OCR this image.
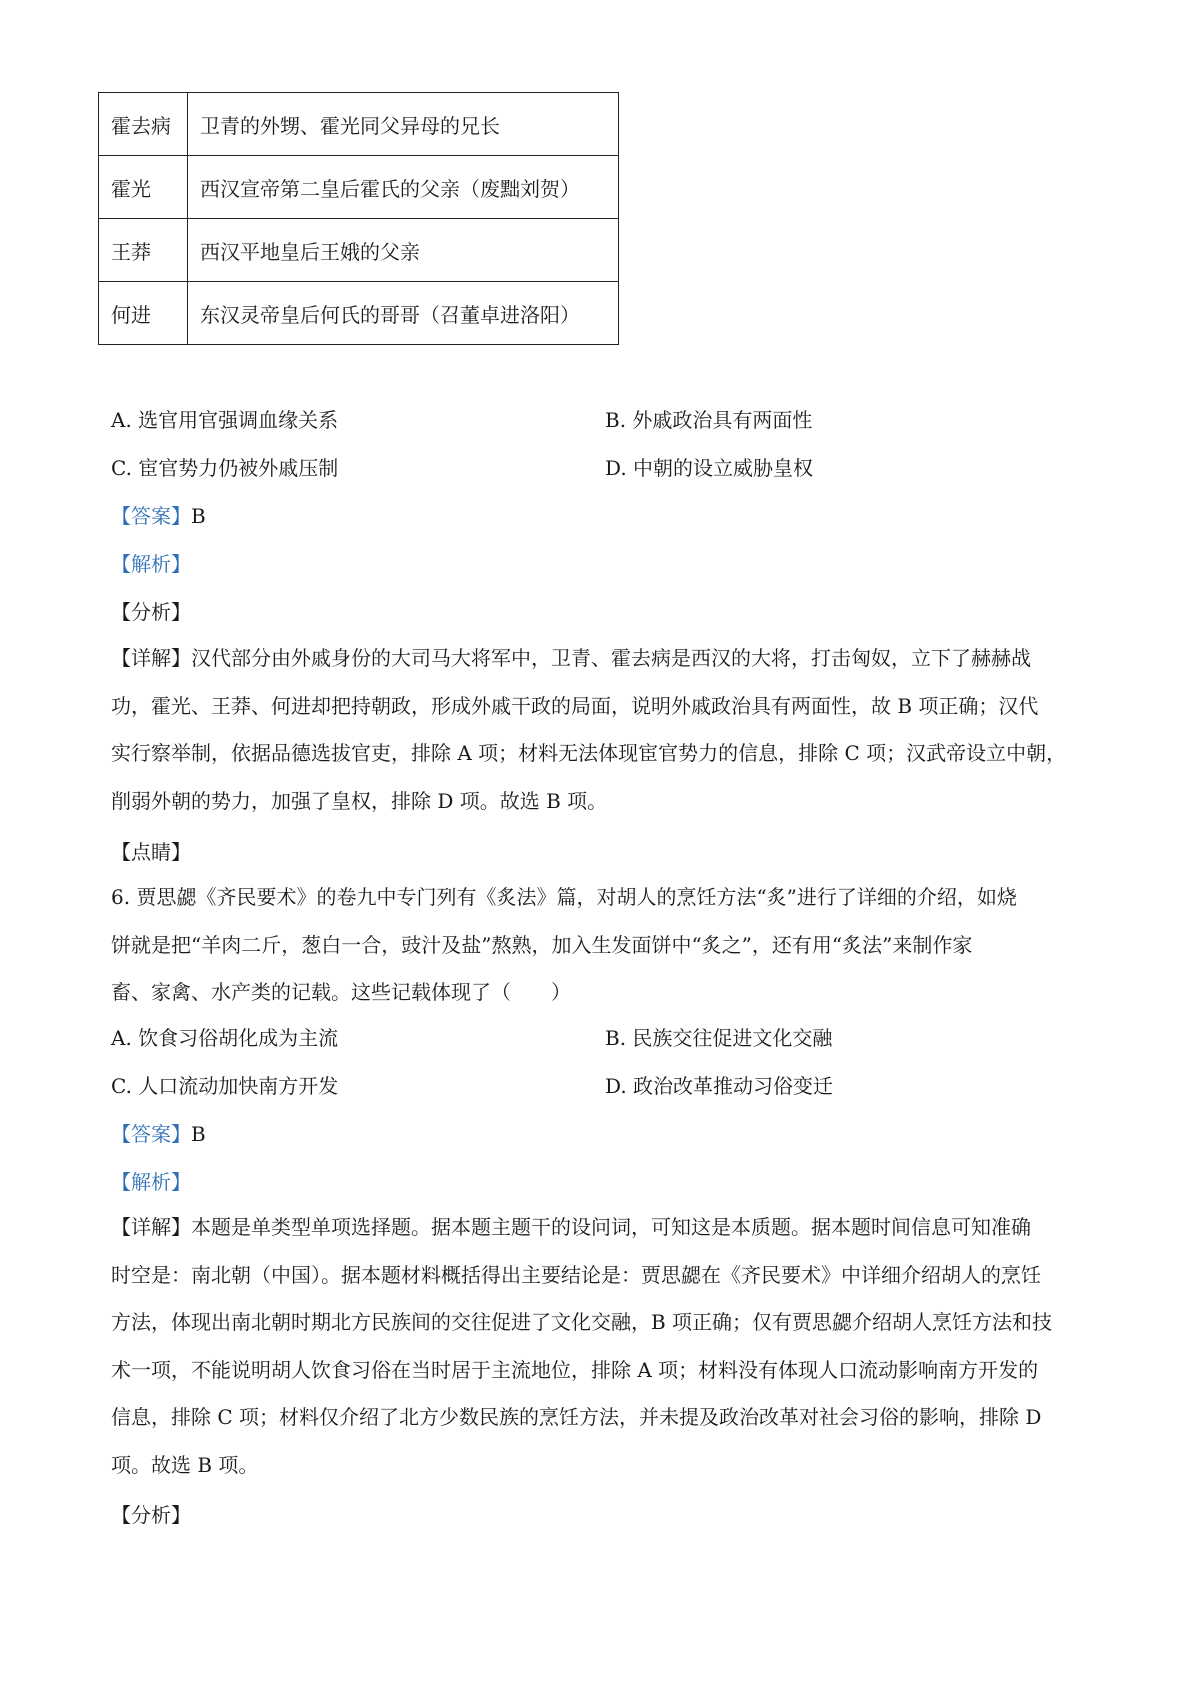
霍去病	卫青的外甥、霍光同父异母的兄长
霍光	西汉宣帝第二皇后霍氏的父亲（废黜刘贺）
王莽	西汉平地皇后王娥的父亲
何进	东汉灵帝皇后何氏的哥哥（召董卓进洛阳）
A. 选官用官强调血缘关系	B. 外戚政治具有两面性
C. 宦官势力仍被外戚压制	D. 中朝的设立威胁皇权
【答案】B
【解析】
【分析】
【详解】汉代部分由外戚身份的大司马大将军中，卫青、霍去病是西汉的大将，打击匈奴，立下了赫赫战
功，霍光、王莽、何进却把持朝政，形成外戚干政的局面，说明外戚政治具有两面性，故 B 项正确；汉代
实行察举制，依据品德选拔官吏，排除 A 项；材料无法体现宦官势力的信息，排除 C 项；汉武帝设立中朝，
削弱外朝的势力，加强了皇权，排除 D 项。故选 B 项。
【点睛】
6. 贾思勰《齐民要术》的卷九中专门列有《炙法》篇，对胡人的烹饪方法“炙”进行了详细的介绍，如烧
饼就是把“羊肉二斤，葱白一合，豉汁及盐”熬熟，加入生发面饼中“炙之”，还有用“炙法”来制作家
畜、家禽、水产类的记载。这些记载体现了（　　）
A. 饮食习俗胡化成为主流	B. 民族交往促进文化交融
C. 人口流动加快南方开发	D. 政治改革推动习俗变迁
【答案】B
【解析】
【详解】本题是单类型单项选择题。据本题主题干的设问词，可知这是本质题。据本题时间信息可知准确
时空是：南北朝（中国）。据本题材料概括得出主要结论是：贾思勰在《齐民要术》中详细介绍胡人的烹饪
方法，体现出南北朝时期北方民族间的交往促进了文化交融，B 项正确；仅有贾思勰介绍胡人烹饪方法和技
术一项，不能说明胡人饮食习俗在当时居于主流地位，排除 A 项；材料没有体现人口流动影响南方开发的
信息，排除 C 项；材料仅介绍了北方少数民族的烹饪方法，并未提及政治改革对社会习俗的影响，排除 D
项。故选 B 项。
【分析】
